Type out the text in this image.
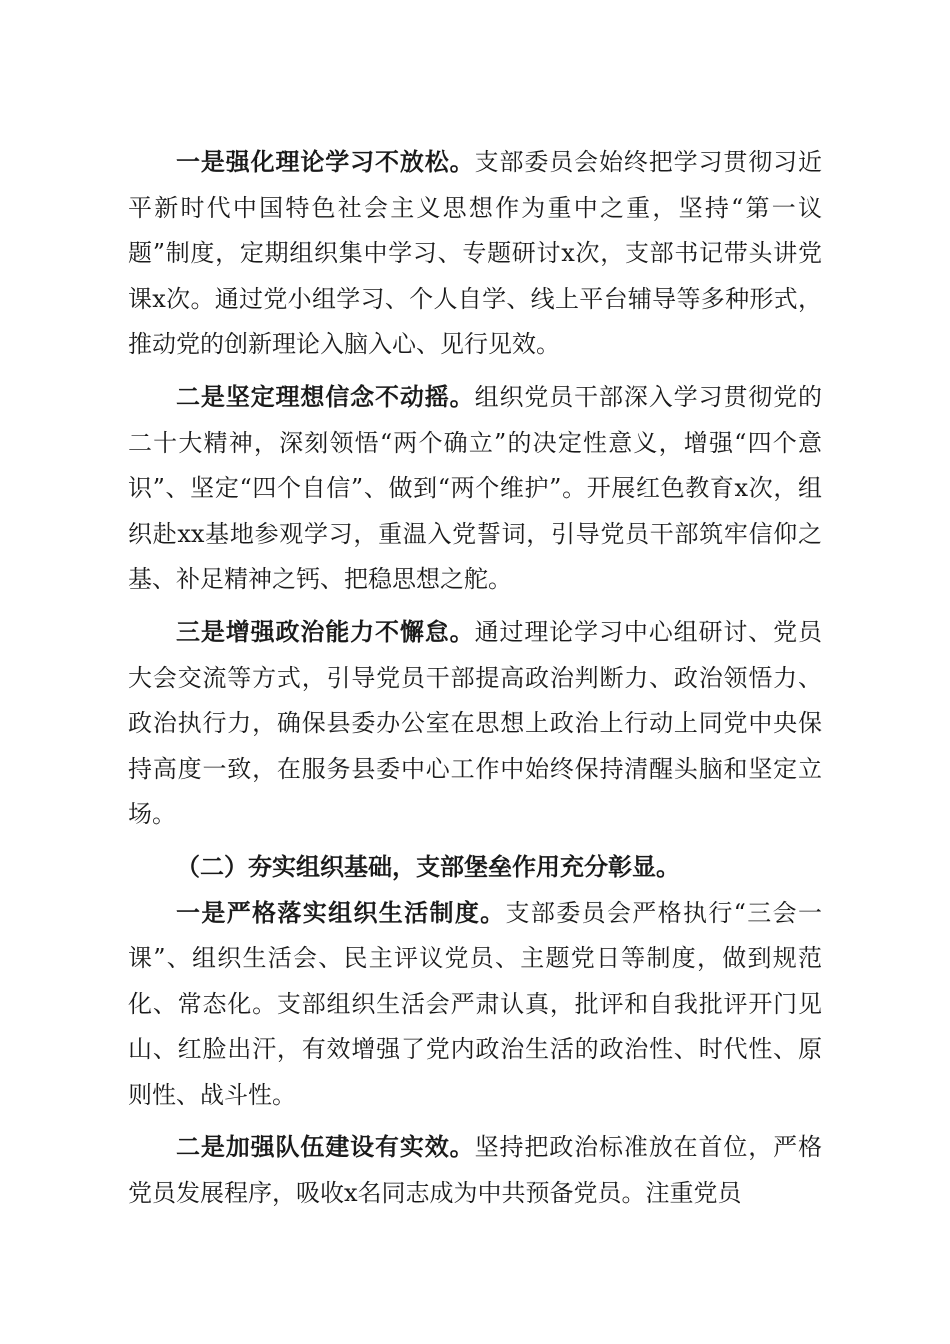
一是强化理论学习不放松。支部委员会始终把学习贯彻习近平新时代中国特色社会主义思想作为重中之重，坚持“第一议题”制度，定期组织集中学习、专题研讨x次，支部书记带头讲党课x次。通过党小组学习、个人自学、线上平台辅导等多种形式，推动党的创新理论入脑入心、见行见效。

二是坚定理想信念不动摇。组织党员干部深入学习贯彻党的二十大精神，深刻领悟“两个确立”的决定性意义，增强“四个意识”、坚定“四个自信”、做到“两个维护”。开展红色教育x次，组织赴xx基地参观学习，重温入党誓词，引导党员干部筑牢信仰之基、补足精神之钙、把稳思想之舵。

三是增强政治能力不懈怠。通过理论学习中心组研讨、党员大会交流等方式，引导党员干部提高政治判断力、政治领悟力、政治执行力，确保县委办公室在思想上政治上行动上同党中央保持高度一致，在服务县委中心工作中始终保持清醒头脑和坚定立场。

（二）夯实组织基础，支部堡垒作用充分彰显。

一是严格落实组织生活制度。支部委员会严格执行“三会一课”、组织生活会、民主评议党员、主题党日等制度，做到规范化、常态化。支部组织生活会严肃认真，批评和自我批评开门见山、红脸出汗，有效增强了党内政治生活的政治性、时代性、原则性、战斗性。

二是加强队伍建设有实效。坚持把政治标准放在首位，严格党员发展程序，吸收x名同志成为中共预备党员。注重党员
